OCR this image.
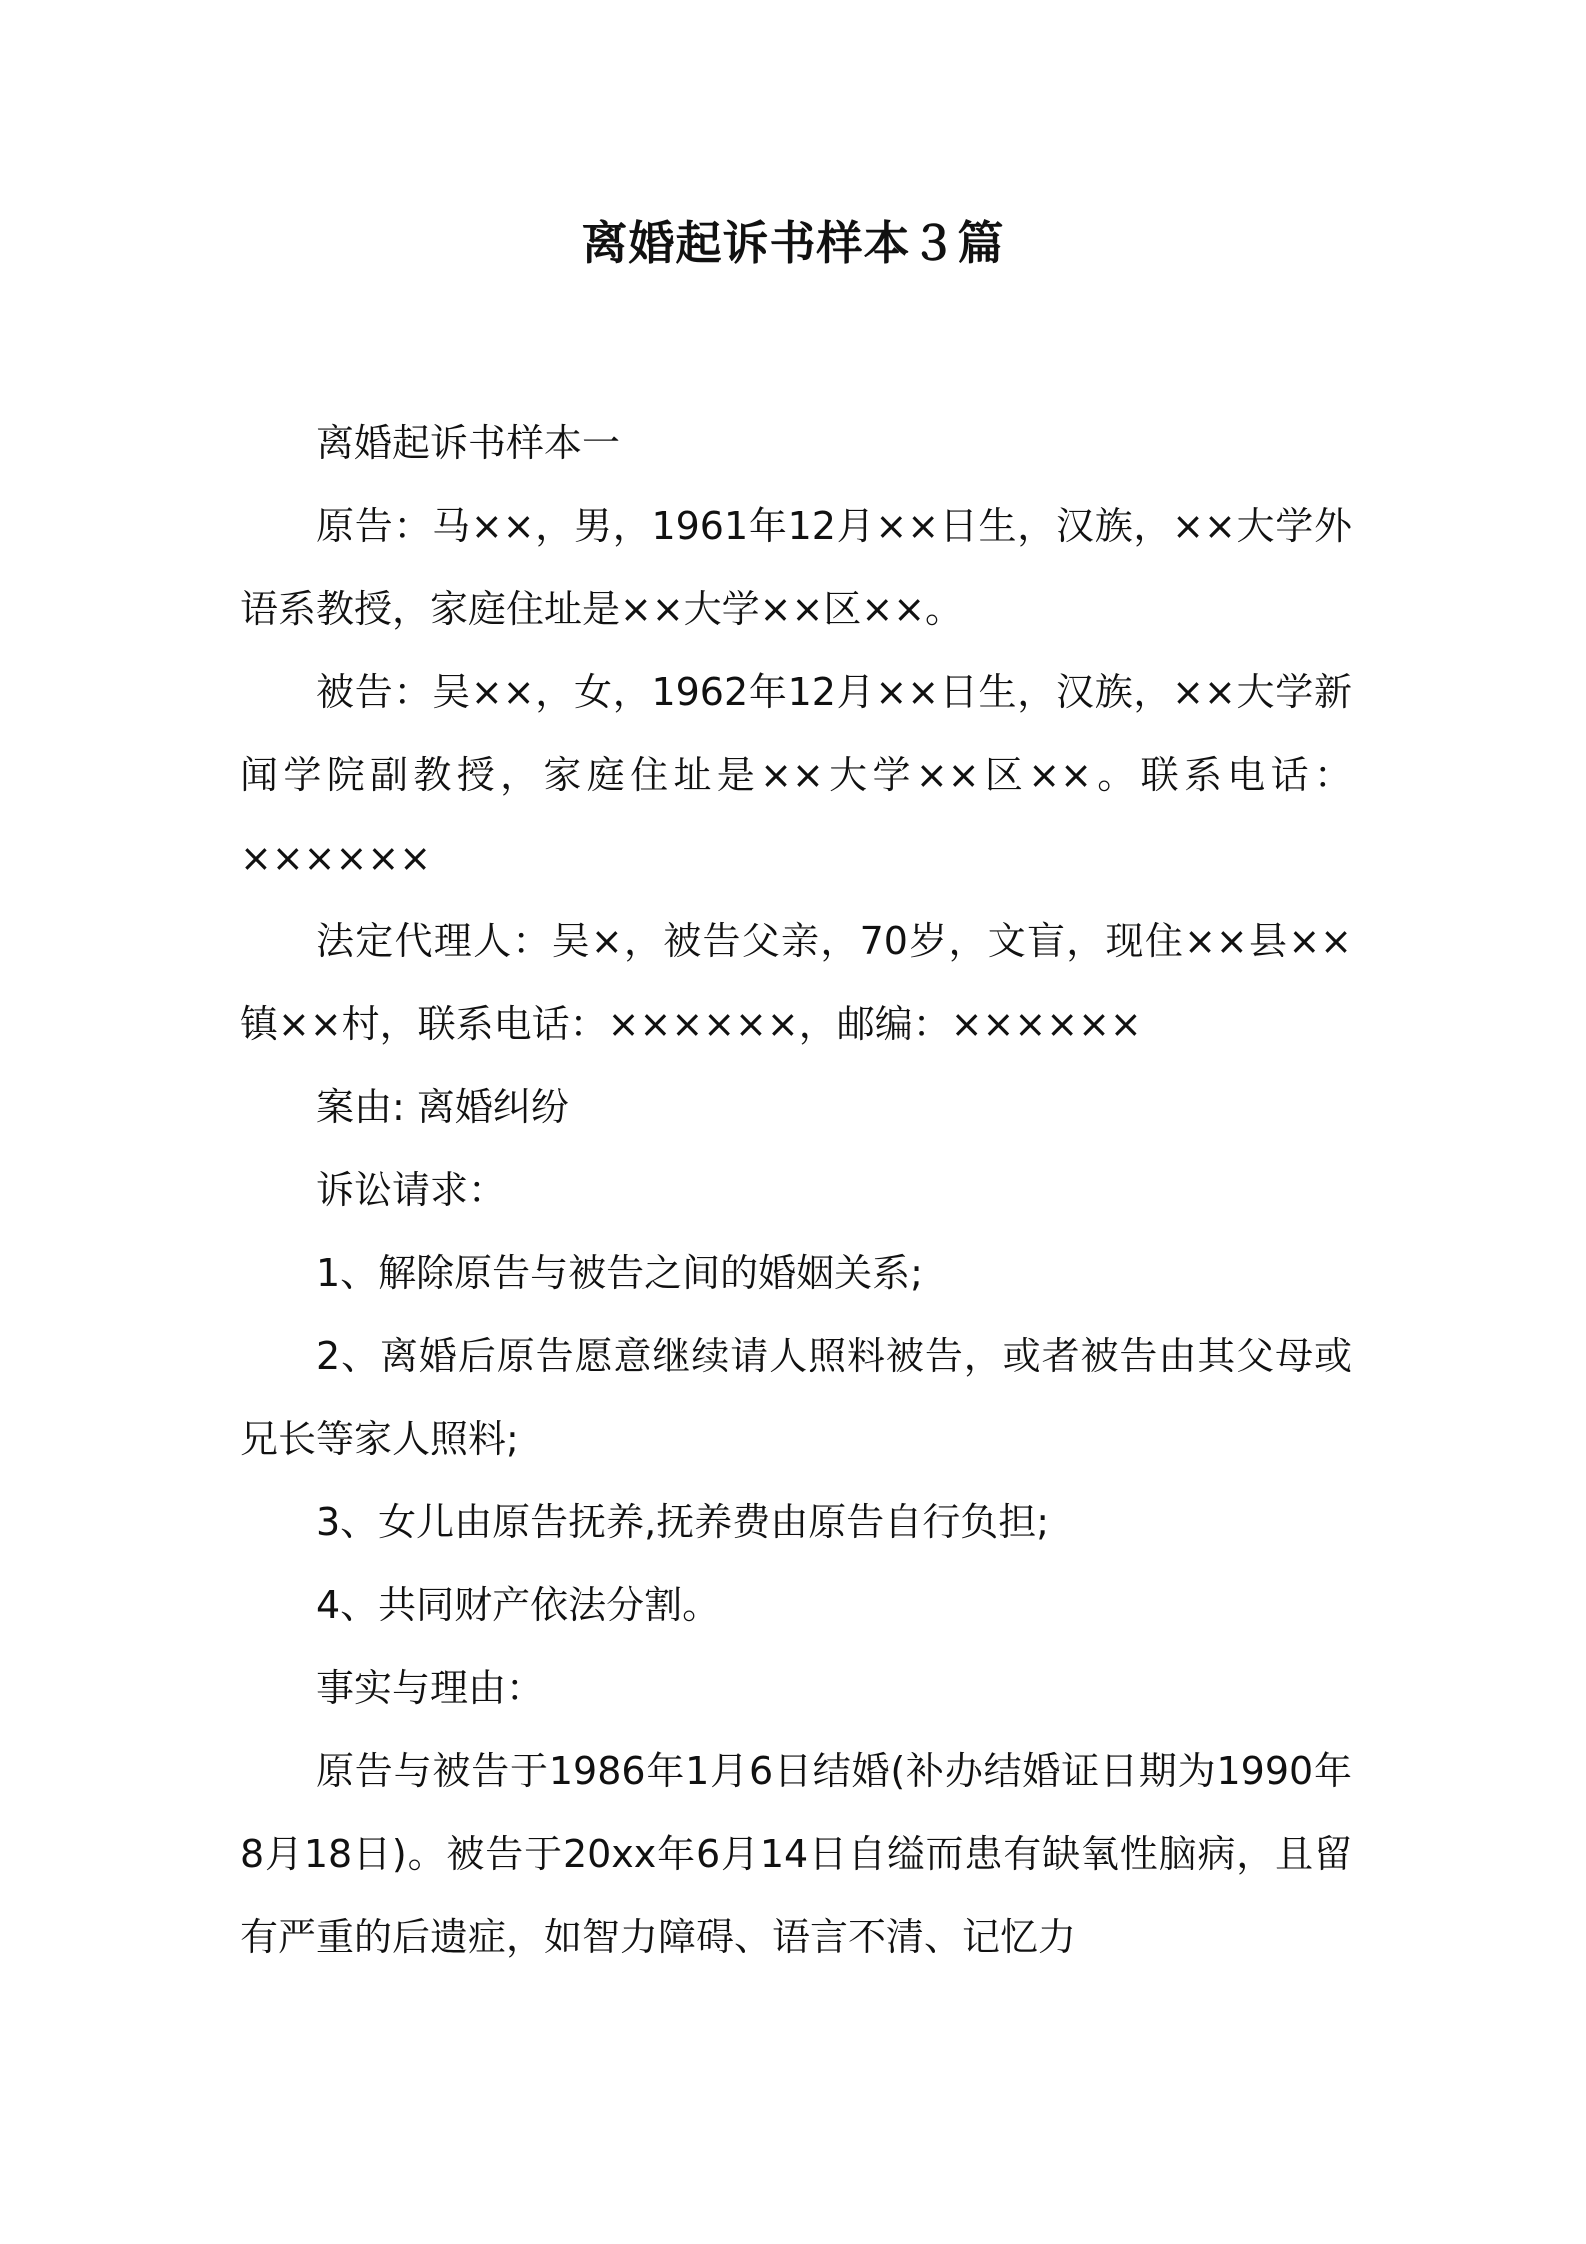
离婚起诉书样本３篇

离婚起诉书样本一

原告：马××，男，1961年12月××日生，汉族，××大学外语系教授，家庭住址是××大学××区××。

被告：吴××，女，1962年12月××日生，汉族，××大学新闻学院副教授，家庭住址是××大学××区××。联系电话：××××××

法定代理人：吴×，被告父亲，70岁，文盲，现住××县××镇××村，联系电话：××××××，邮编：××××××

案由: 离婚纠纷

诉讼请求：

1、解除原告与被告之间的婚姻关系;

2、离婚后原告愿意继续请人照料被告，或者被告由其父母或兄长等家人照料;

3、女儿由原告抚养,抚养费由原告自行负担;

4、共同财产依法分割。

事实与理由：

原告与被告于1986年1月6日结婚(补办结婚证日期为1990年8月18日)。被告于20xx年6月14日自缢而患有缺氧性脑病，且留有严重的后遗症，如智力障碍、语言不清、记忆力
